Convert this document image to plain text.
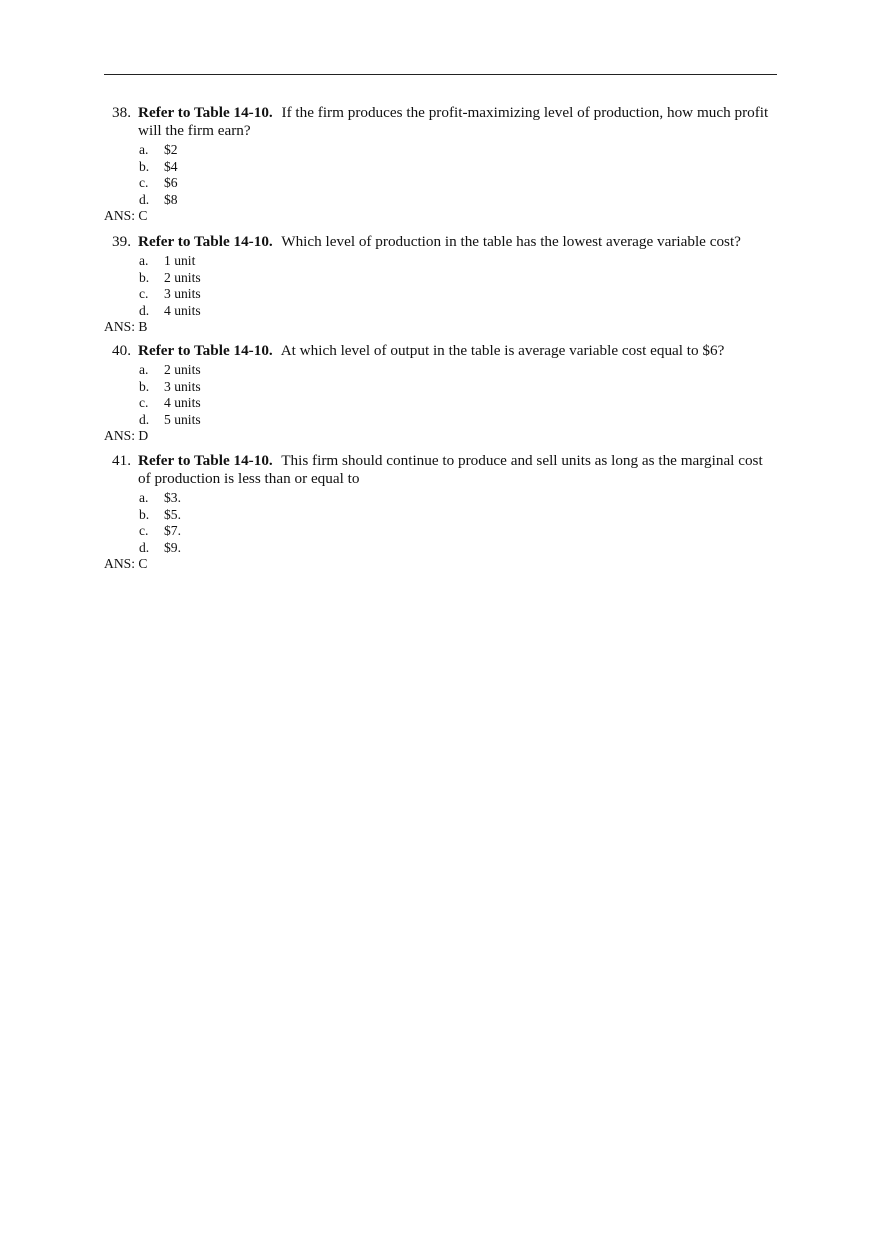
38. Refer to Table 14-10. If the firm produces the profit-maximizing level of production, how much profit will the firm earn?
a. $2
b. $4
c. $6
d. $8
ANS: C
39. Refer to Table 14-10. Which level of production in the table has the lowest average variable cost?
a. 1 unit
b. 2 units
c. 3 units
d. 4 units
ANS: B
40. Refer to Table 14-10. At which level of output in the table is average variable cost equal to $6?
a. 2 units
b. 3 units
c. 4 units
d. 5 units
ANS: D
41. Refer to Table 14-10. This firm should continue to produce and sell units as long as the marginal cost of production is less than or equal to
a. $3.
b. $5.
c. $7.
d. $9.
ANS: C
